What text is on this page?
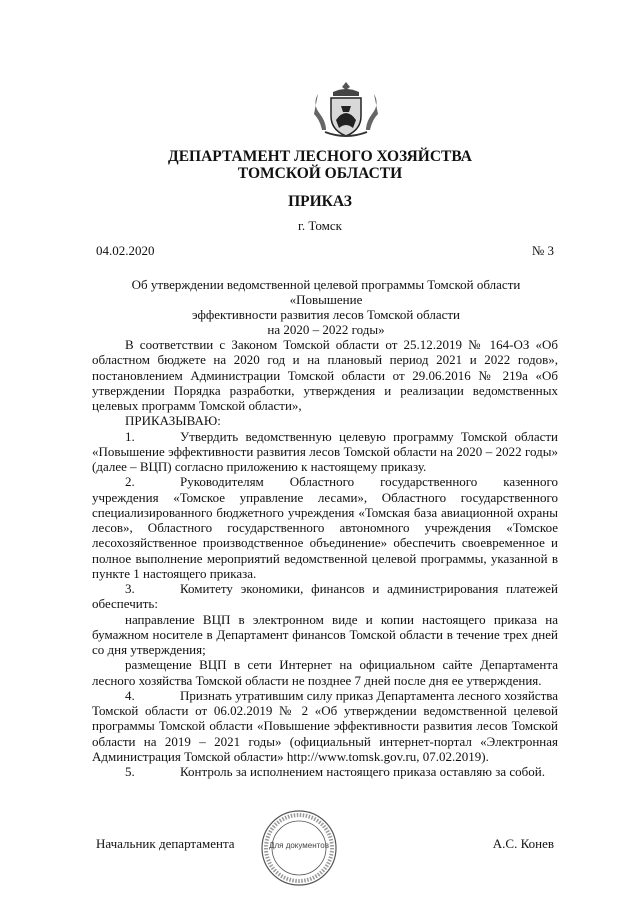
ДЕПАРТАМЕНТ ЛЕСНОГО ХОЗЯЙСТВА
ТОМСКОЙ ОБЛАСТИ
ПРИКАЗ
г. Томск
04.02.2020	№ 3
Об утверждении ведомственной целевой программы Томской области «Повышение
эффективности развития лесов Томской области
на 2020 – 2022 годы»

В соответствии с Законом Томской области от 25.12.2019 № 164-ОЗ «Об областном бюджете на 2020 год и на плановый период 2021 и 2022 годов», постановлением Администрации Томской области от 29.06.2016 № 219а «Об утверждении Порядка разработки, утверждения и реализации ведомственных целевых программ Томской области»,

ПРИКАЗЫВАЮ:

1.	Утвердить ведомственную целевую программу Томской области «Повышение эффективности развития лесов Томской области на 2020 – 2022 годы» (далее – ВЦП) согласно приложению к настоящему приказу.

2.	Руководителям Областного государственного казенного учреждения «Томское управление лесами», Областного государственного специализированного бюджетного учреждения «Томская база авиационной охраны лесов», Областного государственного автономного учреждения «Томское лесохозяйственное производственное объединение» обеспечить своевременное и полное выполнение мероприятий ведомственной целевой программы, указанной в пункте 1 настоящего приказа.

3.	Комитету экономики, финансов и администрирования платежей обеспечить:

направление ВЦП в электронном виде и копии настоящего приказа на бумажном носителе в Департамент финансов Томской области в течение трех дней со дня утверждения;

размещение ВЦП в сети Интернет на официальном сайте Департамента лесного хозяйства Томской области не позднее 7 дней после дня ее утверждения.

4.	Признать утратившим силу приказ Департамента лесного хозяйства Томской области от 06.02.2019 № 2 «Об утверждении ведомственной целевой программы Томской области «Повышение эффективности развития лесов Томской области на 2019 – 2021 годы» (официальный интернет-портал «Электронная Администрация Томской области» http://www.tomsk.gov.ru, 07.02.2019).

5.	Контроль за исполнением настоящего приказа оставляю за собой.

Начальник департамента	Для документов	А.С. Конев
